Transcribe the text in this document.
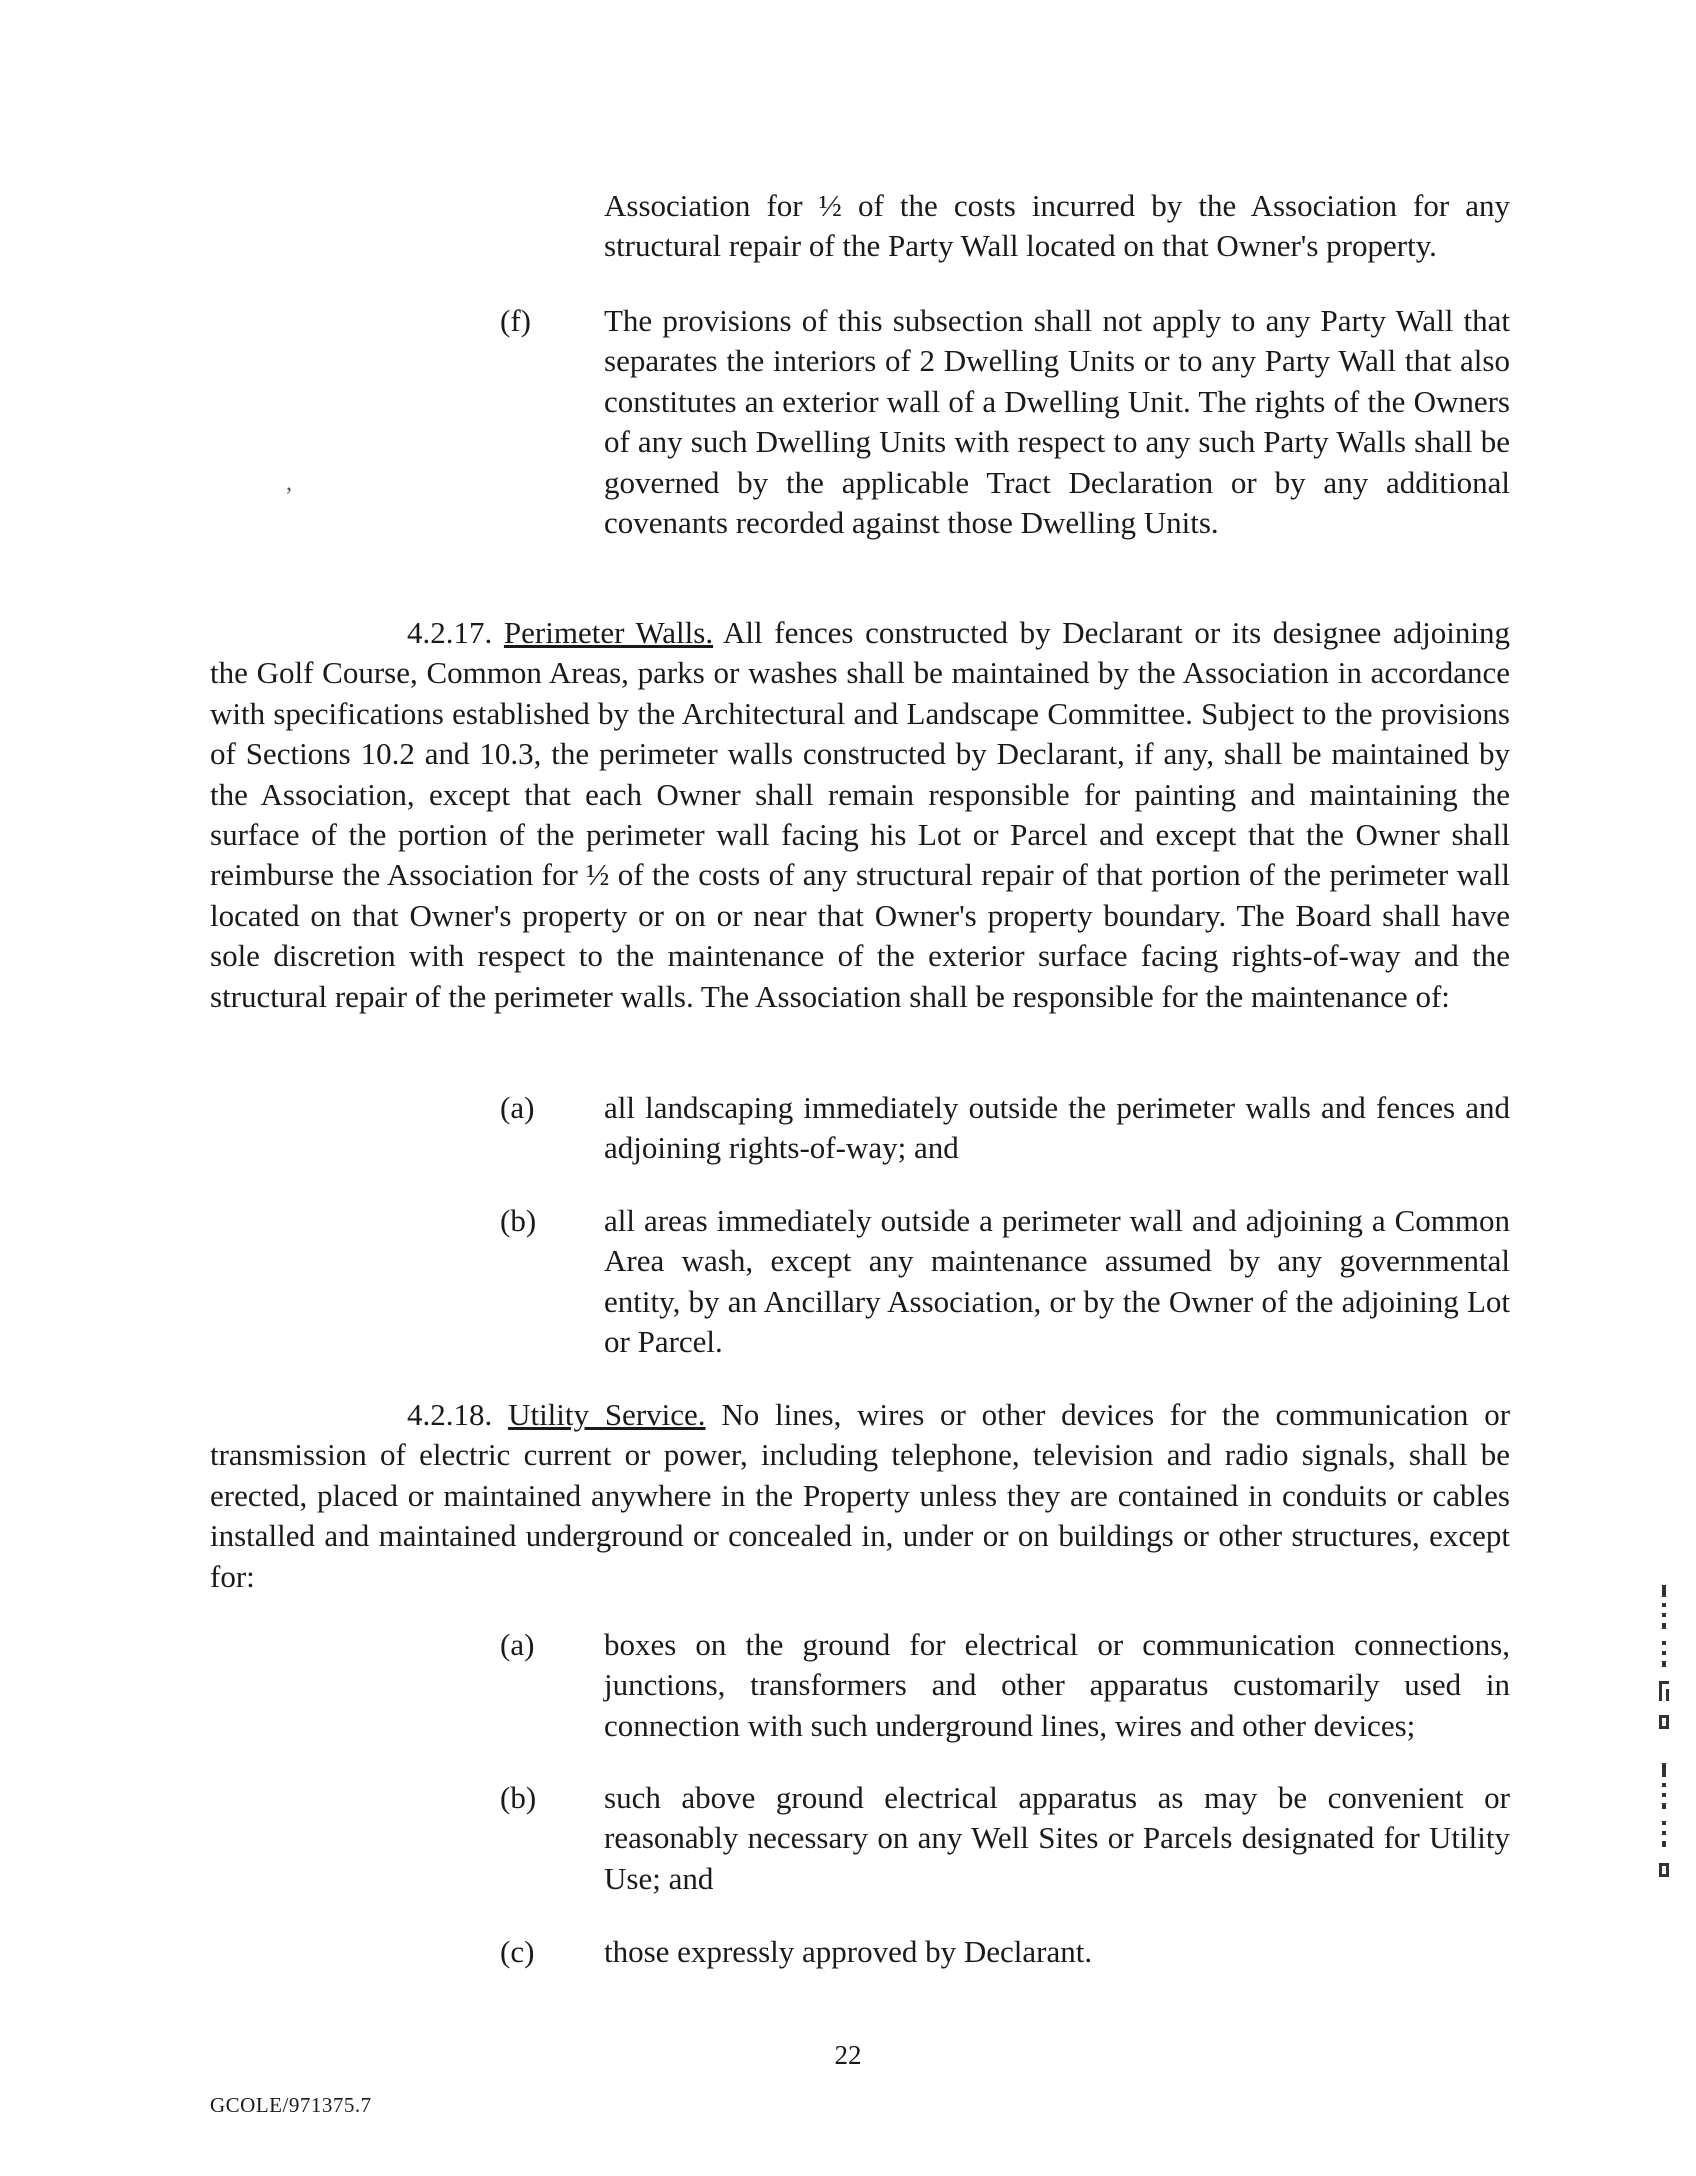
Association for ½ of the costs incurred by the Association for any structural repair of the Party Wall located on that Owner's property.
(f) The provisions of this subsection shall not apply to any Party Wall that separates the interiors of 2 Dwelling Units or to any Party Wall that also constitutes an exterior wall of a Dwelling Unit. The rights of the Owners of any such Dwelling Units with respect to any such Party Walls shall be governed by the applicable Tract Declaration or by any additional covenants recorded against those Dwelling Units.
,
4.2.17. Perimeter Walls. All fences constructed by Declarant or its designee adjoining the Golf Course, Common Areas, parks or washes shall be maintained by the Association in accordance with specifications established by the Architectural and Landscape Committee. Subject to the provisions of Sections 10.2 and 10.3, the perimeter walls constructed by Declarant, if any, shall be maintained by the Association, except that each Owner shall remain responsible for painting and maintaining the surface of the portion of the perimeter wall facing his Lot or Parcel and except that the Owner shall reimburse the Association for ½ of the costs of any structural repair of that portion of the perimeter wall located on that Owner's property or on or near that Owner's property boundary. The Board shall have sole discretion with respect to the maintenance of the exterior surface facing rights-of-way and the structural repair of the perimeter walls. The Association shall be responsible for the maintenance of:
(a) all landscaping immediately outside the perimeter walls and fences and adjoining rights-of-way; and
(b) all areas immediately outside a perimeter wall and adjoining a Common Area wash, except any maintenance assumed by any governmental entity, by an Ancillary Association, or by the Owner of the adjoining Lot or Parcel.
4.2.18. Utility Service. No lines, wires or other devices for the communication or transmission of electric current or power, including telephone, television and radio signals, shall be erected, placed or maintained anywhere in the Property unless they are contained in conduits or cables installed and maintained underground or concealed in, under or on buildings or other structures, except for:
(a) boxes on the ground for electrical or communication connections, junctions, transformers and other apparatus customarily used in connection with such underground lines, wires and other devices;
(b) such above ground electrical apparatus as may be convenient or reasonably necessary on any Well Sites or Parcels designated for Utility Use; and
(c) those expressly approved by Declarant.
22
GCOLE/971375.7
